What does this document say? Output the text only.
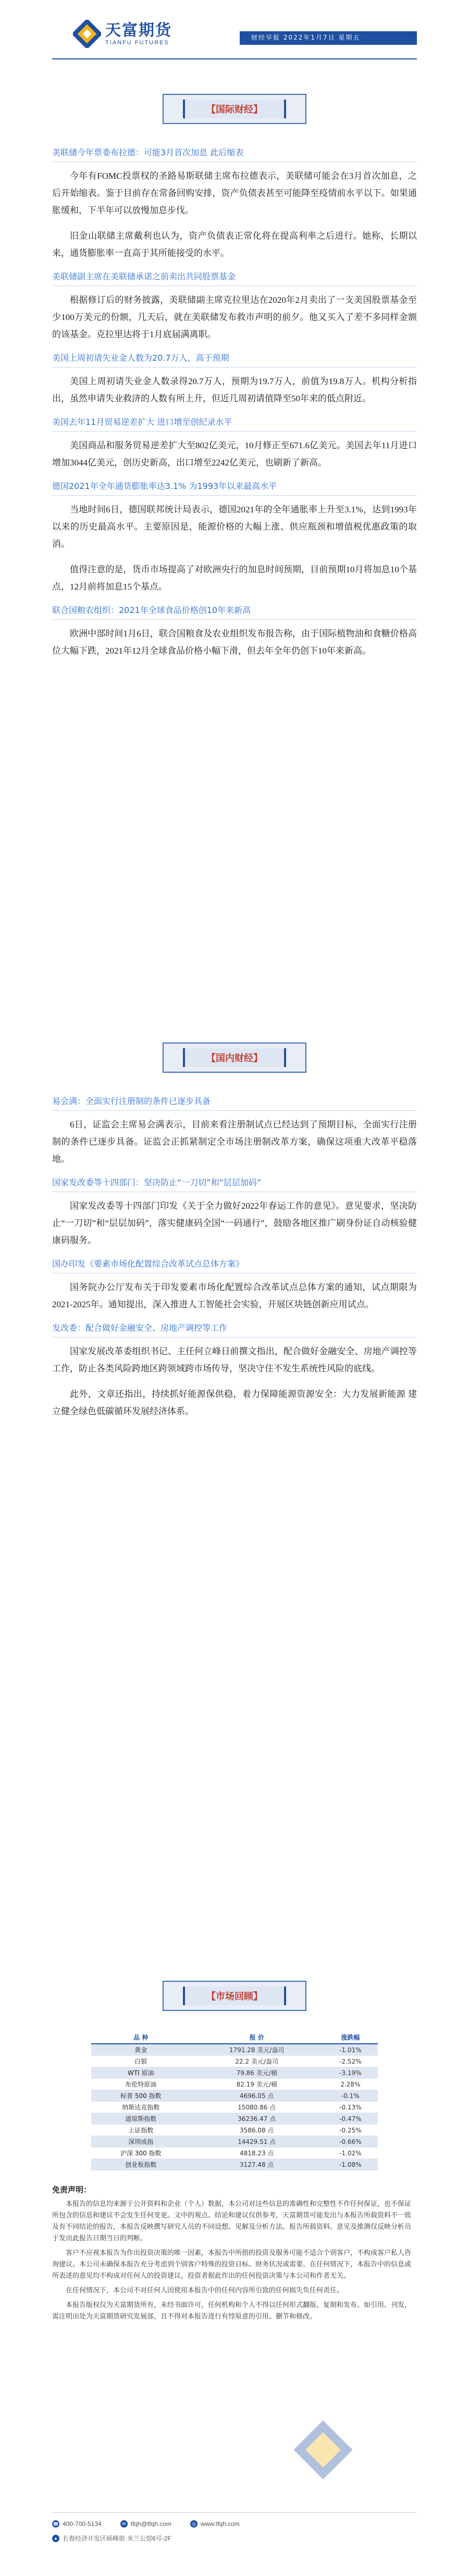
天富期货
TIANFU FUTURES
财经早报 2022年1月7日 星期五
【国际财经】
美联储今年票委布拉德：可能3月首次加息 此后缩表

今年有FOMC投票权的圣路易斯联储主席布拉德表示，美联储可能会在3月首次加息，之后开始缩表。鉴于目前存在常备回购安排，资产负债表甚至可能降至疫情前水平以下。如果通胀缓和，下半年可以放慢加息步伐。

旧金山联储主席戴利也认为，资产负债表正常化将在提高利率之后进行。她称，长期以来，通货膨胀率一直高于其所能接受的水平。

美联储副主席在美联储承诺之前卖出共同股票基金

根据修订后的财务披露，美联储副主席克拉里达在2020年2月卖出了一支美国股票基金至少100万美元的份额，几天后，就在美联储发布救市声明的前夕。他又买入了差不多同样金额的该基金。克拉里达将于1月底届满离职。

美国上周初请失业金人数为20.7万人，高于预期

美国上周初请失业金人数录得20.7万人，预期为19.7万人，前值为19.8万人。机构分析指出，虽然申请失业救济的人数有所上升，但近几周初请值降至50年来的低点附近。

美国去年11月贸易逆差扩大 进口增至创纪录水平

美国商品和服务贸易逆差扩大至802亿美元，10月修正至671.6亿美元。美国去年11月进口增加3044亿美元，创历史新高，出口增至2242亿美元，也刷新了新高。

德国2021年全年通货膨胀率达3.1% 为1993年以来最高水平

当地时间6日，德国联邦统计局表示，德国2021年的全年通胀率上升至3.1%，达到1993年以来的历史最高水平。主要原因是，能源价格的大幅上涨、供应瓶颈和增值税优惠政策的取消。

值得注意的是，货币市场提高了对欧洲央行的加息时间预期，目前预期10月将加息10个基点，12月前将加息15个基点。

联合国粮农组织：2021年全球食品价格创10年来新高

欧洲中部时间1月6日，联合国粮食及农业组织发布报告称，由于国际植物油和食糖价格高位大幅下跌，2021年12月全球食品价格小幅下滑，但去年全年仍创下10年来新高。

【国内财经】
易会满：全面实行注册制的条件已逐步具备

6日，证监会主席易会满表示，目前来看注册制试点已经达到了预期目标，全面实行注册制的条件已逐步具备。证监会正抓紧制定全市场注册制改革方案，确保这项重大改革平稳落地。

国家发改委等十四部门：坚决防止“一刀切”和“层层加码”

国家发改委等十四部门印发《关于全力做好2022年春运工作的意见》。意见要求，坚决防止“一刀切”和“层层加码”，落实健康码全国“一码通行”，鼓励各地区推广刷身份证自动核验健康码服务。

国办印发《要素市场化配置综合改革试点总体方案》

国务院办公厅发布关于印发要素市场化配置综合改革试点总体方案的通知，试点期限为2021-2025年。通知提出，深入推进人工智能社会实验，开展区块链创新应用试点。

发改委：配合做好金融安全、房地产调控等工作

国家发展改革委组织书记、主任何立峰日前撰文指出，配合做好金融安全、房地产调控等工作，防止各类风险跨地区跨领域跨市场传导，坚决守住不发生系统性风险的底线。

此外，文章还指出，持续抓好能源保供稳，着力保障能源资源安全：大力发展新能源 建立健全绿色低碳循环发展经济体系。

【市场回顾】
品 种	报 价	涨跌幅
黄金	1791.28 美元/盎司	-1.01%
白银	22.2 美元/盎司	-2.52%
WTI 原油	79.86 美元/桶	-3.19%
布伦特原油	82.19 美元/桶	2.28%
标普 500 指数	4696.05 点	-0.1%
纳斯达克指数	15080.86 点	-0.13%
道琼斯指数	36236.47 点	-0.47%
上证指数	3586.08 点	-0.25%
深圳成指	14429.51 点	-0.66%
沪深 300 指数	4818.23 点	-1.02%
创业板指数	3127.48 点	-1.08%
免责声明：

本报告的信息均来源于公开资料和企业（个人）数据，本公司对这些信息的准确性和完整性不作任何保证，也不保证所包含的信息和建议不会发生任何变更。文中的观点、结论和建议仅供参考，天富期货可能发出与本报告所载资料不一致及有不同结论的报告，本报告反映撰写研究人员的不同设想、见解及分析方法。报告所载资料、意见及推测仅反映分析员于发出此报告日期当日的判断。

客户不应视本报告为作出投资决策的唯一因素，本报告中所指的投资及服务可能不适合个别客户，不构成客户私人咨询建议。本公司未确保本报告充分考虑到个别客户特殊的投资目标、财务状况或需要。在任何情况下，本报告中的信息或所表述的意见均不构成对任何人的投资建议，投资者据此作出的任何投资决策与本公司和作者无关。

在任何情况下，本公司不对任何人因使用本报告中的任何内容所引致的任何损失负任何责任。

本报告版权仅为天富期货所有，未经书面许可，任何机构和个人不得以任何形式翻版、复制和发布。如引用、刊发，需注明出处为天富期货研究发展部，且不得对本报告进行有悖原意的引用、删节和修改。

☎ 400-700-5134	✉ tfqh@tfqh.com	◎ www.tfqh.com
● 长春经济开发区硕峰街·米兰公馆6号-2F
